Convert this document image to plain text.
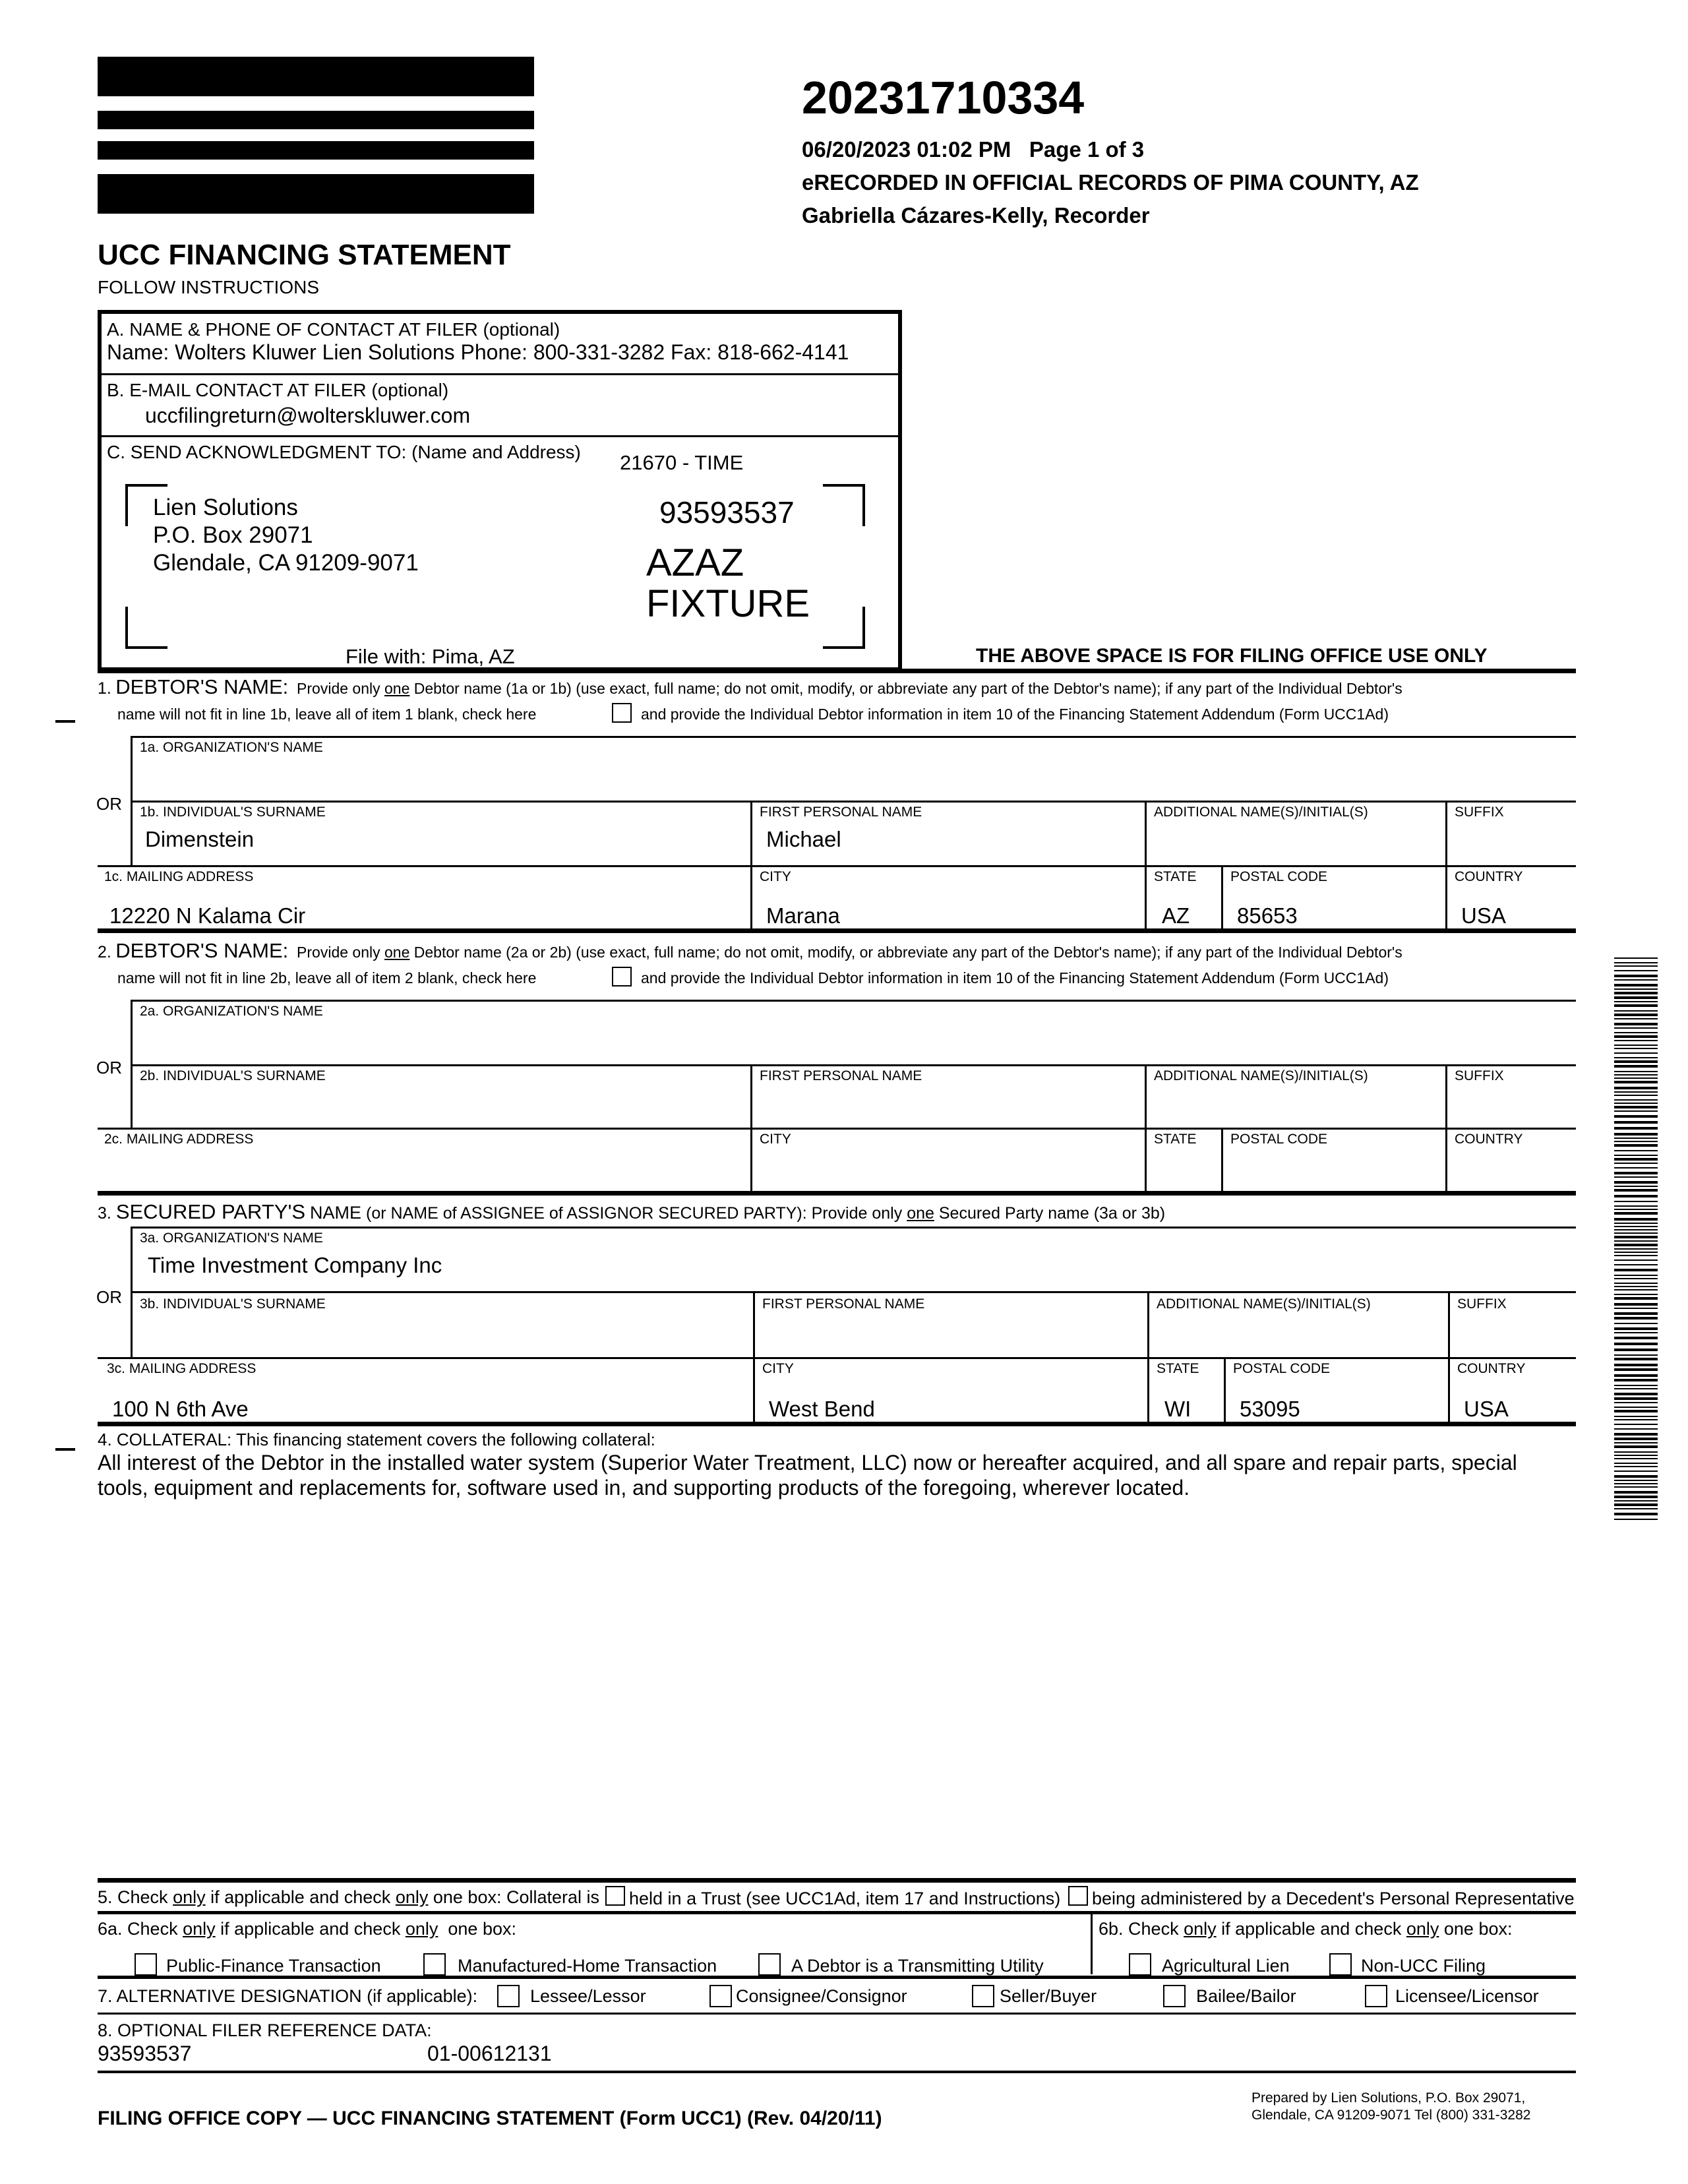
20231710334
06/20/2023 01:02 PM Page 1 of 3
eRECORDED IN OFFICIAL RECORDS OF PIMA COUNTY, AZ
Gabriella Cázares-Kelly, Recorder
UCC FINANCING STATEMENT
FOLLOW INSTRUCTIONS
A. NAME & PHONE OF CONTACT AT FILER (optional)
Name: Wolters Kluwer Lien Solutions Phone: 800-331-3282 Fax: 818-662-4141
B. E-MAIL CONTACT AT FILER (optional)
uccfilingreturn@wolterskluwer.com
C. SEND ACKNOWLEDGMENT TO: (Name and Address) 21670 - TIME
Lien Solutions
P.O. Box 29071
Glendale, CA 91209-9071
93593537
AZAZ
FIXTURE
File with: Pima, AZ	THE ABOVE SPACE IS FOR FILING OFFICE USE ONLY
1. DEBTOR'S NAME: Provide only one Debtor name (1a or 1b) (use exact, full name; do not omit, modify, or abbreviate any part of the Debtor's name); if any part of the Individual Debtor's
name will not fit in line 1b, leave all of item 1 blank, check here	and provide the Individual Debtor information in item 10 of the Financing Statement Addendum (Form UCC1Ad)
1a. ORGANIZATION'S NAME
OR 1b. INDIVIDUAL'S SURNAME	FIRST PERSONAL NAME	ADDITIONAL NAME(S)/INITIAL(S)	SUFFIX
Dimenstein	Michael
1c. MAILING ADDRESS	CITY	STATE POSTAL CODE	COUNTRY
12220 N Kalama Cir	Marana	AZ 85653	USA
2. DEBTOR'S NAME: Provide only one Debtor name (2a or 2b) (use exact, full name; do not omit, modify, or abbreviate any part of the Debtor's name); if any part of the Individual Debtor's
name will not fit in line 2b, leave all of item 2 blank, check here	and provide the Individual Debtor information in item 10 of the Financing Statement Addendum (Form UCC1Ad)
2a. ORGANIZATION'S NAME
OR 2b. INDIVIDUAL'S SURNAME	FIRST PERSONAL NAME	ADDITIONAL NAME(S)/INITIAL(S)	SUFFIX
2c. MAILING ADDRESS	CITY	STATE POSTAL CODE	COUNTRY
3. SECURED PARTY'S NAME (or NAME of ASSIGNEE of ASSIGNOR SECURED PARTY): Provide only one Secured Party name (3a or 3b)
3a. ORGANIZATION'S NAME
Time Investment Company Inc
OR 3b. INDIVIDUAL'S SURNAME	FIRST PERSONAL NAME	ADDITIONAL NAME(S)/INITIAL(S)	SUFFIX
3c. MAILING ADDRESS	CITY	STATE POSTAL CODE	COUNTRY
100 N 6th Ave	West Bend	WI 53095	USA
4. COLLATERAL: This financing statement covers the following collateral:
All interest of the Debtor in the installed water system (Superior Water Treatment, LLC) now or hereafter acquired, and all spare and repair parts, special
tools, equipment and replacements for, software used in, and supporting products of the foregoing, wherever located.
5. Check only if applicable and check only one box: Collateral is held in a Trust (see UCC1Ad, item 17 and Instructions) being administered by a Decedent's Personal Representative
6a. Check only if applicable and check only one box:	6b. Check only if applicable and check only one box:
Public-Finance Transaction	Manufactured-Home Transaction	A Debtor is a Transmitting Utility	Agricultural Lien	Non-UCC Filing
7. ALTERNATIVE DESIGNATION (if applicable):	Lessee/Lessor	Consignee/Consignor	Seller/Buyer	Bailee/Bailor	Licensee/Licensor
8. OPTIONAL FILER REFERENCE DATA:
93593537	01-00612131
FILING OFFICE COPY — UCC FINANCING STATEMENT (Form UCC1) (Rev. 04/20/11)
Prepared by Lien Solutions, P.O. Box 29071,
Glendale, CA 91209-9071 Tel (800) 331-3282
